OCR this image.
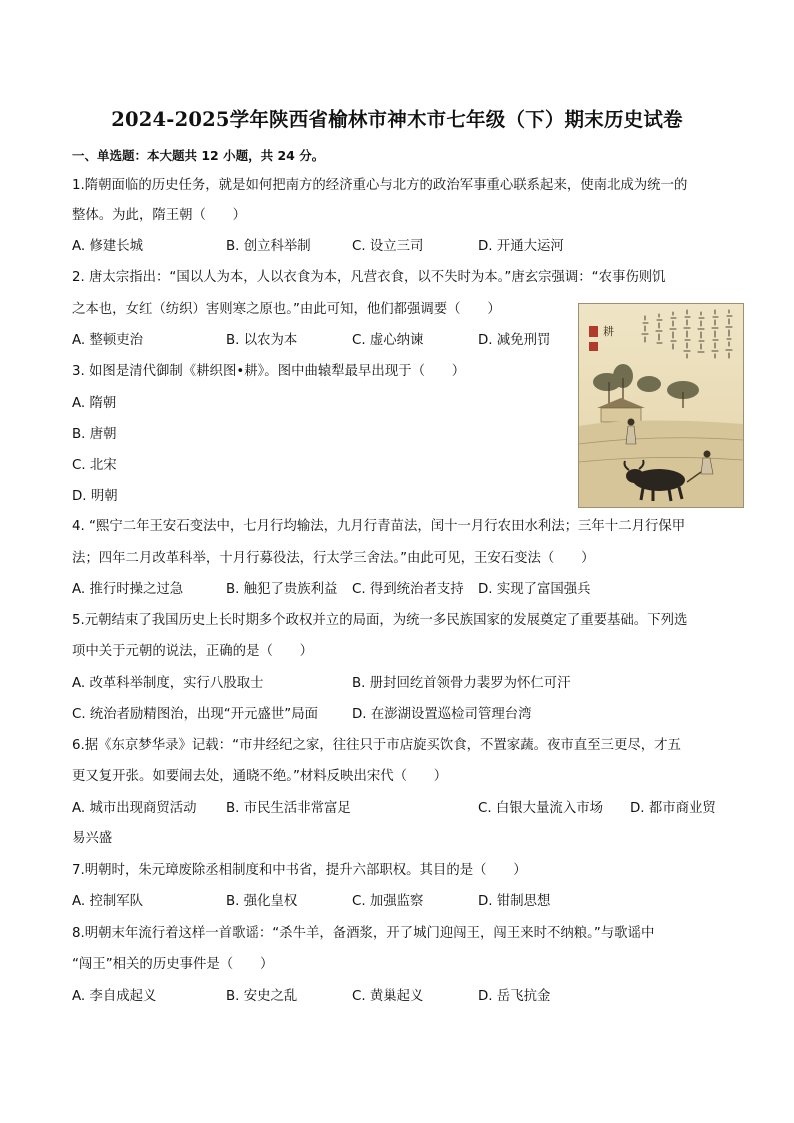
2024-2025学年陕西省榆林市神木市七年级（下）期末历史试卷
一、单选题：本大题共 12 小题，共 24 分。
1.隋朝面临的历史任务，就是如何把南方的经济重心与北方的政治军事重心联系起来，使南北成为统一的
整体。为此，隋王朝（　　）
A. 修建长城	B. 创立科举制	C. 设立三司	D. 开通大运河
2. 唐太宗指出：“国以人为本，人以衣食为本，凡营衣食，以不失时为本。”唐玄宗强调：“农事伤则饥
之本也，女红（纺织）害则寒之原也。”由此可知，他们都强调要（　　）
A. 整顿吏治	B. 以农为本	C. 虚心纳谏	D. 减免刑罚
3. 如图是清代御制《耕织图•耕》。图中曲辕犁最早出现于（　　）
A. 隋朝
B. 唐朝
C. 北宋
D. 明朝
耕
4. “熙宁二年王安石变法中，七月行均输法，九月行青苗法，闰十一月行农田水利法；三年十二月行保甲
法；四年二月改革科举，十月行募役法，行太学三舍法。”由此可见，王安石变法（　　）
A. 推行时操之过急	B. 触犯了贵族利益 C. 得到统治者支持 D. 实现了富国强兵
5.元朝结束了我国历史上长时期多个政权并立的局面，为统一多民族国家的发展奠定了重要基础。下列选
项中关于元朝的说法，正确的是（　　）
A. 改革科举制度，实行八股取士	B. 册封回纥首领骨力裴罗为怀仁可汗
C. 统治者励精图治，出现“开元盛世”局面	D. 在澎湖设置巡检司管理台湾
6.据《东京梦华录》记载：“市井经纪之家，往往只于市店旋买饮食，不置家蔬。夜市直至三更尽，才五
更又复开张。如要闹去处，通晓不绝。”材料反映出宋代（　　）
A. 城市出现商贸活动 B. 市民生活非常富足	C. 白银大量流入市场 D. 都市商业贸
易兴盛
7.明朝时，朱元璋废除丞相制度和中书省，提升六部职权。其目的是（　　）
A. 控制军队	B. 强化皇权	C. 加强监察	D. 钳制思想
8.明朝末年流行着这样一首歌谣：“杀牛羊，备酒浆，开了城门迎闯王，闯王来时不纳粮。”与歌谣中
“闯王”相关的历史事件是（　　）
A. 李自成起义	B. 安史之乱	C. 黄巢起义	D. 岳飞抗金
